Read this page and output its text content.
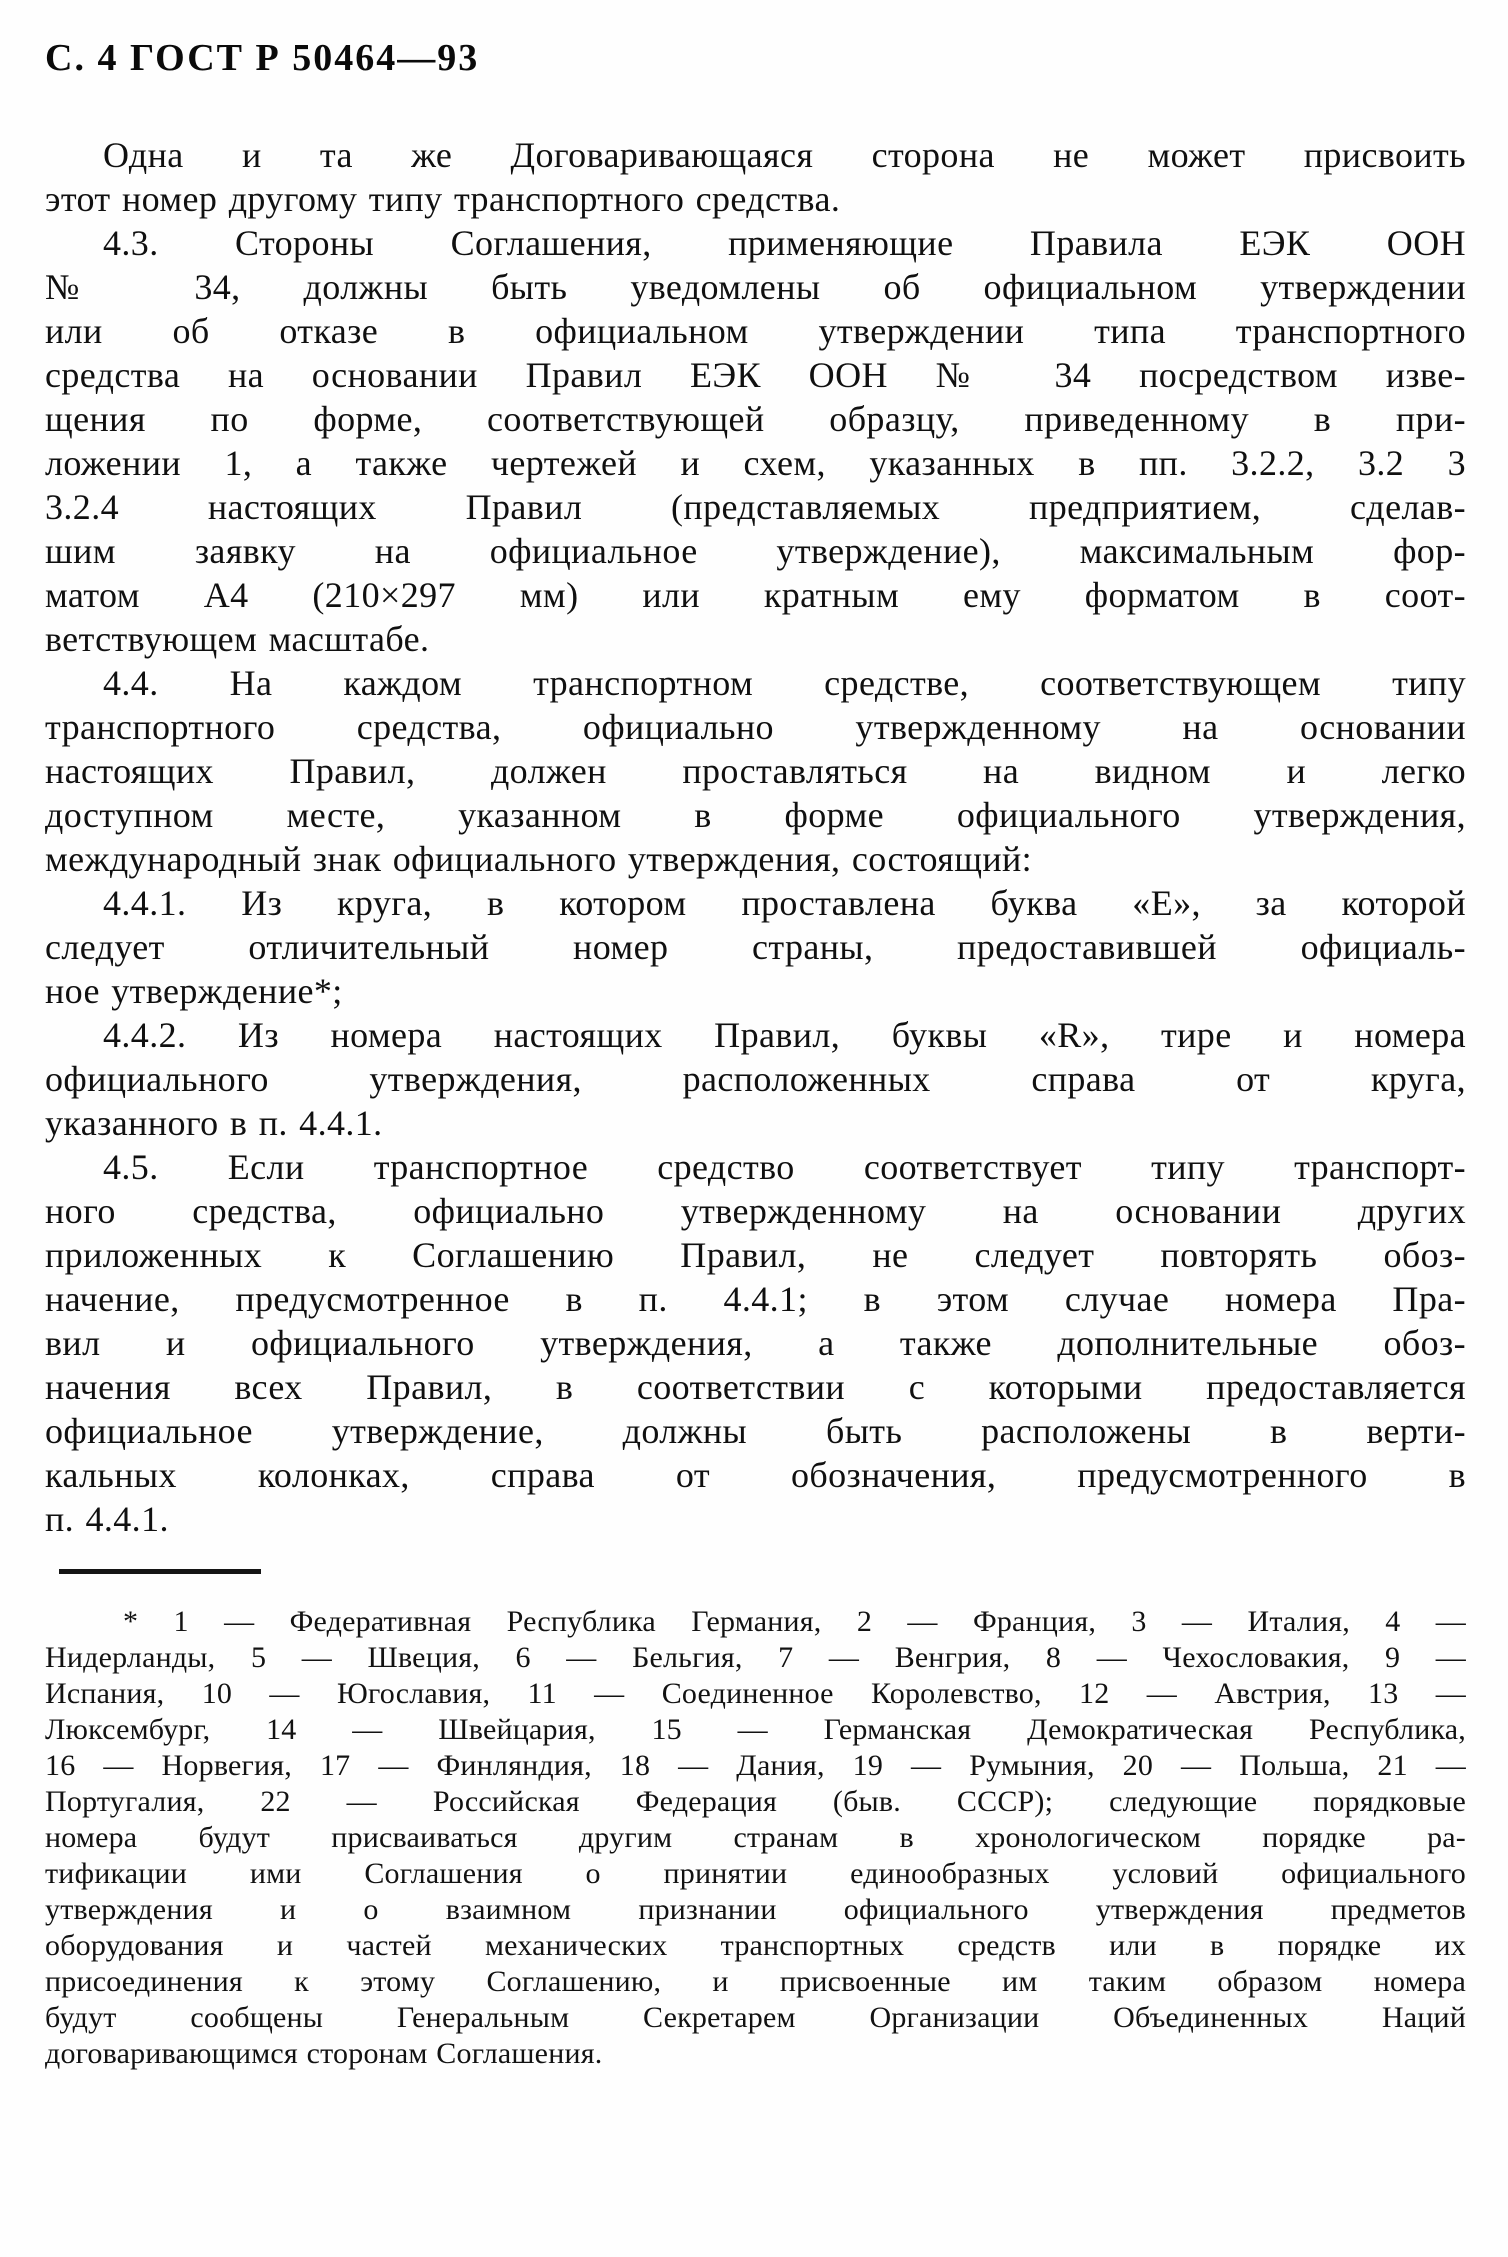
С. 4 ГОСТ Р 50464—93
Одна и та же Договаривающаяся сторона не может присвоить
этот номер другому типу транспортного средства.
4.3. Стороны Соглашения, применяющие Правила ЕЭК ООН
№ 34, должны быть уведомлены об официальном утверждении
или об отказе в официальном утверждении типа транспортного
средства на основании Правил ЕЭК ООН № 34 посредством изве-
щения по форме, соответствующей образцу, приведенному в при-
ложении 1, а также чертежей и схем, указанных в пп. 3.2.2, 3.2 3
3.2.4 настоящих Правил (представляемых предприятием, сделав-
шим заявку на официальное утверждение), максимальным фор-
матом А4 (210×297 мм) или кратным ему форматом в соот-
ветствующем масштабе.
4.4. На каждом транспортном средстве, соответствующем типу
транспортного средства, официально утвержденному на основании
настоящих Правил, должен проставляться на видном и легко
доступном месте, указанном в форме официального утверждения,
международный знак официального утверждения, состоящий:
4.4.1. Из круга, в котором проставлена буква «Е», за которой
следует отличительный номер страны, предоставившей официаль-
ное утверждение*;
4.4.2. Из номера настоящих Правил, буквы «R», тире и номера
официального утверждения, расположенных справа от круга,
указанного в п. 4.4.1.
4.5. Если транспортное средство соответствует типу транспорт-
ного средства, официально утвержденному на основании других
приложенных к Соглашению Правил, не следует повторять обоз-
начение, предусмотренное в п. 4.4.1; в этом случае номера Пра-
вил и официального утверждения, а также дополнительные обоз-
начения всех Правил, в соответствии с которыми предоставляется
официальное утверждение, должны быть расположены в верти-
кальных колонках, справа от обозначения, предусмотренного в
п. 4.4.1.
* 1 — Федеративная Республика Германия, 2 — Франция, 3 — Италия, 4 —
Нидерланды, 5 — Швеция, 6 — Бельгия, 7 — Венгрия, 8 — Чехословакия, 9 —
Испания, 10 — Югославия, 11 — Соединенное Королевство, 12 — Австрия, 13 —
Люксембург, 14 — Швейцария, 15 — Германская Демократическая Республика,
16 — Норвегия, 17 — Финляндия, 18 — Дания, 19 — Румыния, 20 — Польша, 21 —
Португалия, 22 — Российская Федерация (быв. СССР); следующие порядковые
номера будут присваиваться другим странам в хронологическом порядке ра-
тификации ими Соглашения о принятии единообразных условий официального
утверждения и о взаимном признании официального утверждения предметов
оборудования и частей механических транспортных средств или в порядке их
присоединения к этому Соглашению, и присвоенные им таким образом номера
будут сообщены Генеральным Секретарем Организации Объединенных Наций
договаривающимся сторонам Соглашения.
